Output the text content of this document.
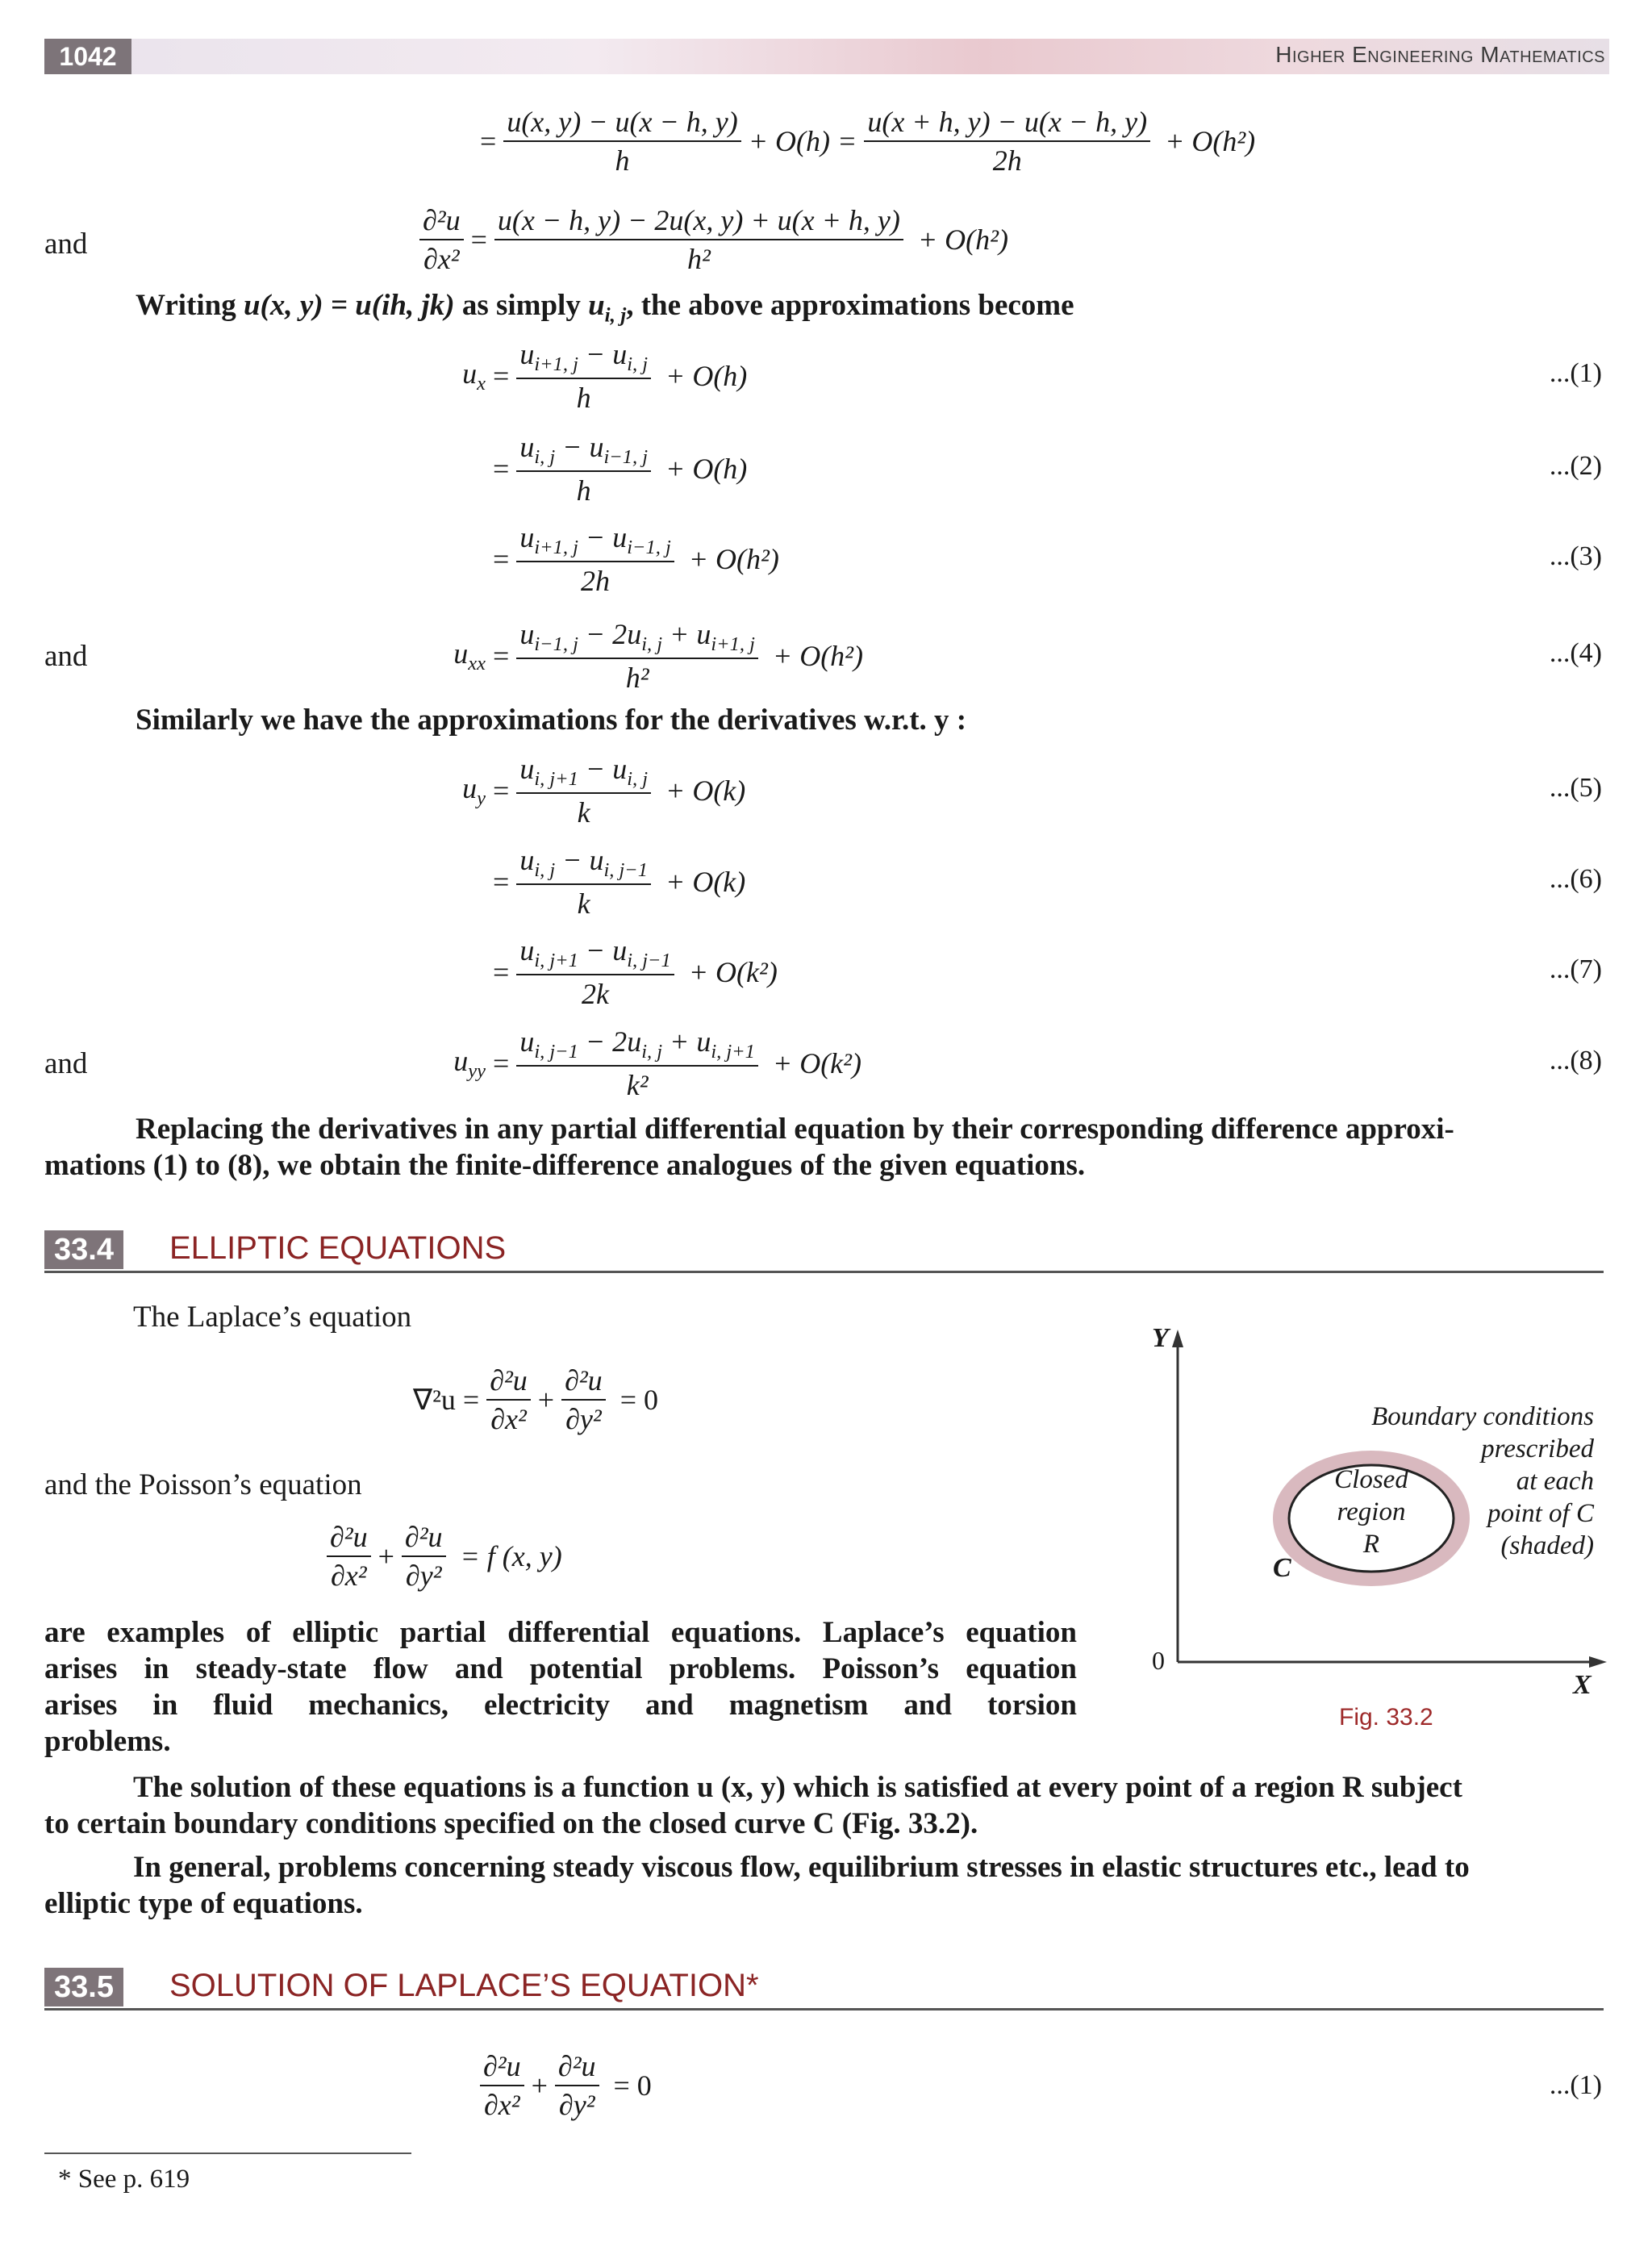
1042	Higher Engineering Mathematics
= $\frac{u(x, y) - u(x - h, y)}{h}$
+ O(h) =
$\frac{u(x + h, y) - u(x - h, y)}{2h}$
+ O(h²)
and	$\frac{\text{∂²u}}{\text{∂x²}} = \frac{u(x - h, y) - 2u(x, y) + u(x + h, y)}{\text{h²}}$
+ O(h²)
Writing u(x, y) = u(ih, jk) as simply $u_{i, j}$, the above approximations become
$u_x = \frac{u_{i+1, j} - u_{i, j}}{h} + O(h)$	...(1)
= $\frac{u_{i, j} - u_{i-1, j}}{h} + O(h)$	...(2)
= $\frac{u_{i+1, j} - u_{i-1, j}}{2h} + O(h^2)$	...(3)
and	$u_{xx} = \frac{u_{i-1, j} - 2u_{i, j} + u_{i+1, j}}{\text{h²}} + O(h^2)$	...(4)
Similarly we have the approximations for the derivatives w.r.t. y :
$u_y = \frac{u_{i, j+1} - u_{i, j}}{k} + O(k)$	...(5)
= $\frac{u_{i, j} - u_{i, j-1}}{k} + O(k)$	...(6)
= $\frac{u_{i, j+1} - u_{i, j-1}}{2k} + O(k^2)$	...(7)
and	$u_{yy} = \frac{u_{i, j-1} - 2u_{i, j} + u_{i, j+1}}{\text{k²}} + O(k^2)$	...(8)
Replacing the derivatives in any partial differential equation by their corresponding difference approxi-
mations (1) to (8), we obtain the finite-difference analogues of the given equations.
33.4	ELLIPTIC EQUATIONS
The Laplace’s equation
∇²u =
$\frac{\text{∂²u}}{\text{∂x²}}$
+
$\frac{\text{∂²u}}{\text{∂y²}}$
= 0
and the Poisson’s equation
$\frac{\text{∂²u}}{\text{∂x²}}$
+
$\frac{\text{∂²u}}{\text{∂y²}}$
= f (x, y)
are examples of elliptic partial differential equations. Laplace’s equation
arises in steady-state flow and potential problems. Poisson’s equation
arises in fluid mechanics, electricity and magnetism and torsion
problems.
Y
X
0
C
Closed
region
R
Boundary conditions
prescribed
at each
point of C
(shaded)
Fig. 33.2
The solution of these equations is a function u (x, y) which is satisfied at every point of a region R subject
to certain boundary conditions specified on the closed curve C (Fig. 33.2).
In general, problems concerning steady viscous flow, equilibrium stresses in elastic structures etc., lead to
elliptic type of equations.
33.5	SOLUTION OF LAPLACE’S EQUATION*
$\frac{\text{∂²u}}{\text{∂x²}}$
+
$\frac{\text{∂²u}}{\text{∂y²}}$
= 0	...(1)
* See p. 619
